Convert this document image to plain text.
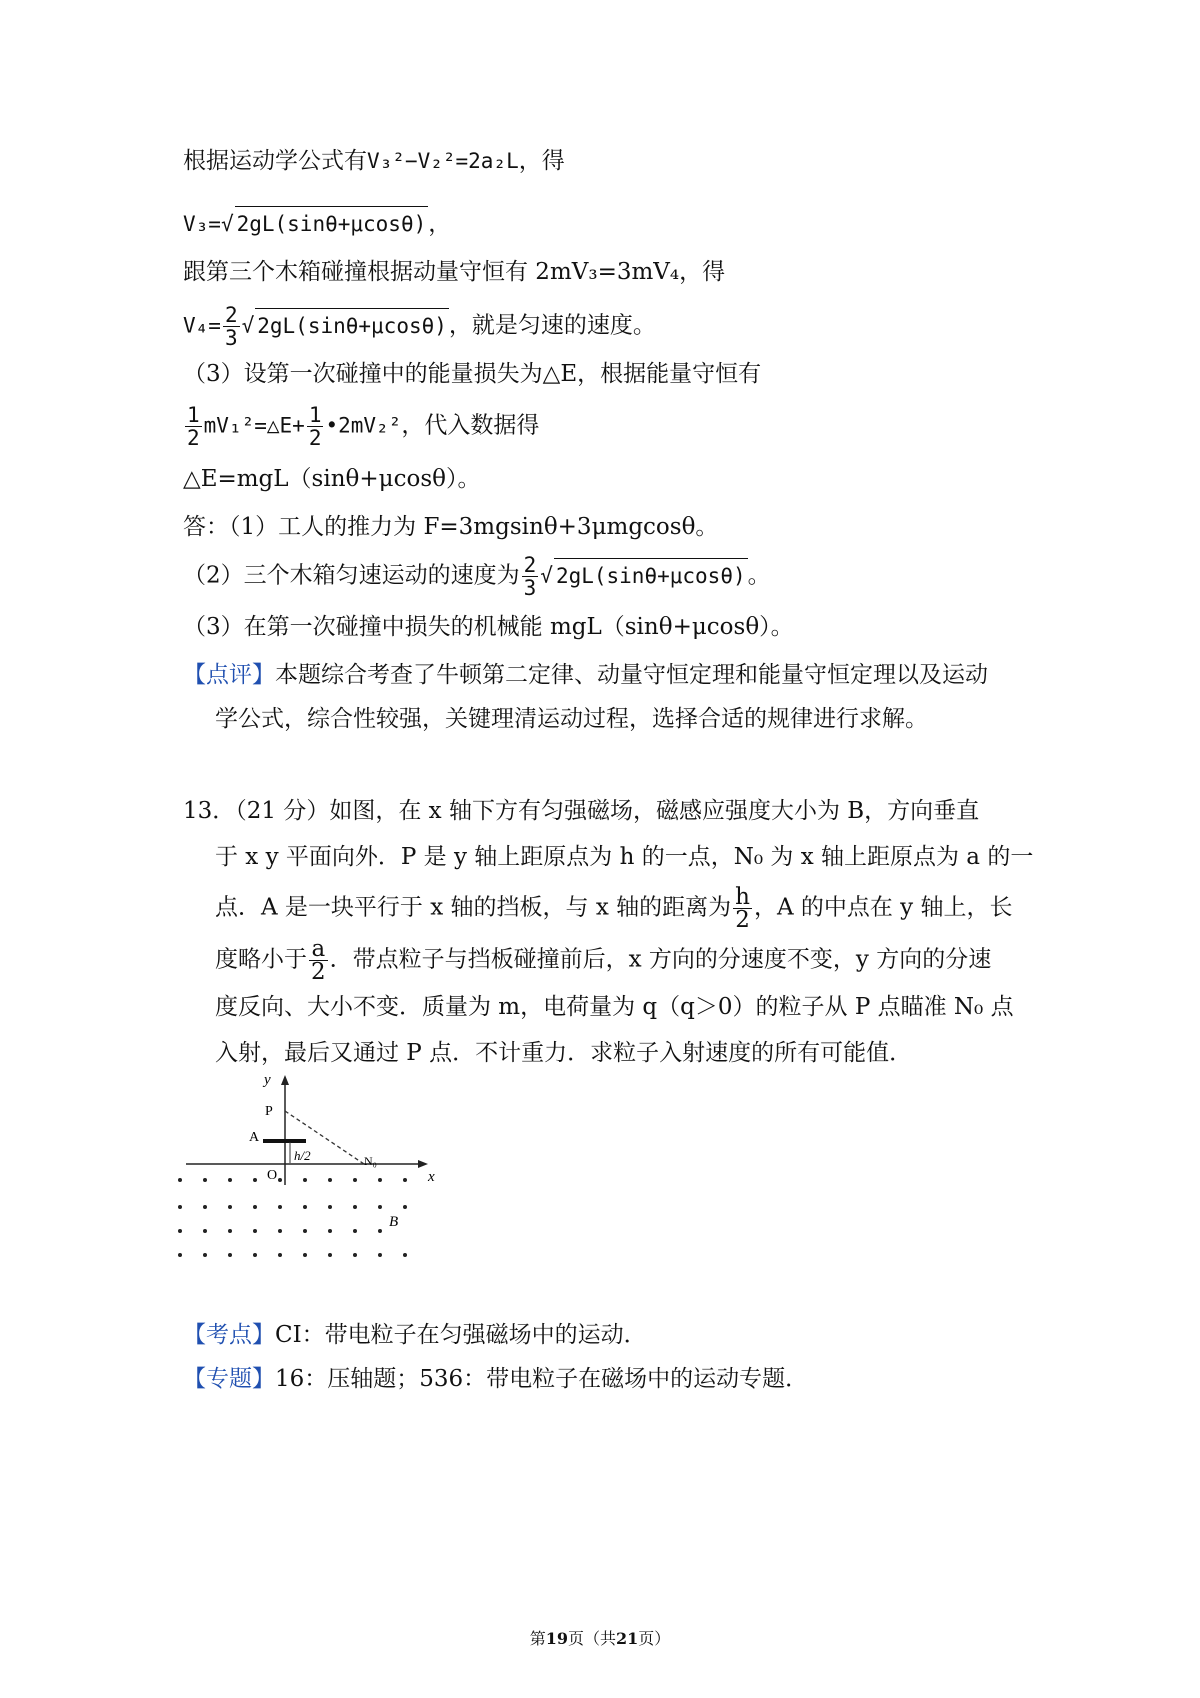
根据运动学公式有V₃²−V₂²=2a₂L，得
V₃=√ 2gL(sinθ+μcosθ)，
跟第三个木箱碰撞根据动量守恒有 2mV₃=3mV₄，得
$V_4= \frac{2}{3}$ √ 2gL(sinθ+μcosθ)，就是匀速的速度。
（3）设第一次碰撞中的能量损失为△E，根据能量守恒有
$\frac{1}{2}$ mV₁²=△E+ $\frac{1}{2}$ •2mV₂²，代入数据得
△E=mgL（sinθ+μcosθ）。
答：（1）工人的推力为 F=3mgsinθ+3μmgcosθ。
（2）三个木箱匀速运动的速度为 $\frac{2}{3}$ √ 2gL(sinθ+μcosθ)。
（3）在第一次碰撞中损失的机械能 mgL（sinθ+μcosθ）。
【点评】本题综合考查了牛顿第二定律、动量守恒定理和能量守恒定理以及运动
学公式，综合性较强，关键理清运动过程，选择合适的规律进行求解。
13．（21 分）如图，在 x 轴下方有匀强磁场，磁感应强度大小为 B，方向垂直
于 x y 平面向外．P 是 y 轴上距原点为 h 的一点，N₀ 为 x 轴上距原点为 a 的一
点．A 是一块平行于 x 轴的挡板，与 x 轴的距离为 $\frac{h}{2}$ ，A 的中点在 y 轴上，长
度略小于 $\frac{a}{2}$ ．带点粒子与挡板碰撞前后，x 方向的分速度不变，y 方向的分速
度反向、大小不变．质量为 m，电荷量为 q（q＞0）的粒子从 P 点瞄准 N₀ 点
入射，最后又通过 P 点．不计重力．求粒子入射速度的所有可能值．
y
x
P
A
O
h/2	N₀
B
【考点】CI：带电粒子在匀强磁场中的运动．
【专题】16：压轴题；536：带电粒子在磁场中的运动专题．
第19页（共21页）
